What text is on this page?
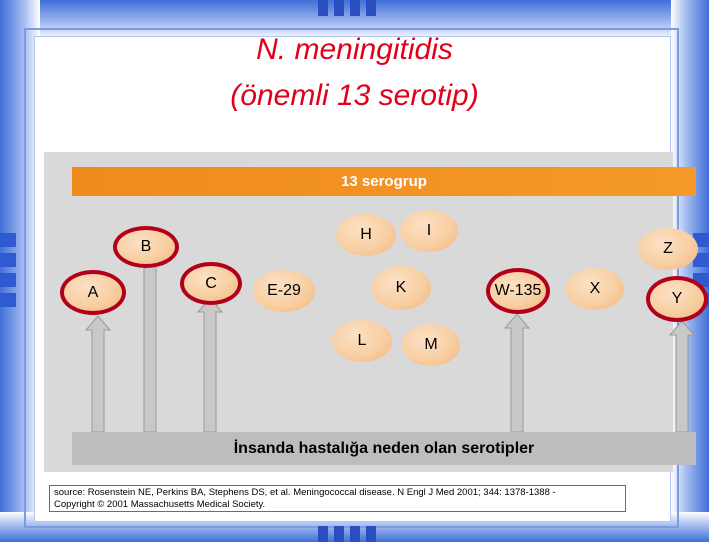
N. meningitidis
(önemli 13 serotip)
13 serogrup
B
A
C	E-29
H	I
K
L	M
W-135	X
Z
Y
İnsanda hastalığa neden olan serotipler
source: Rosenstein NE, Perkins BA, Stephens DS, et al. Meningococcal disease. N Engl J Med 2001; 344: 1378-1388 -
Copyright © 2001 Massachusetts Medical Society.
